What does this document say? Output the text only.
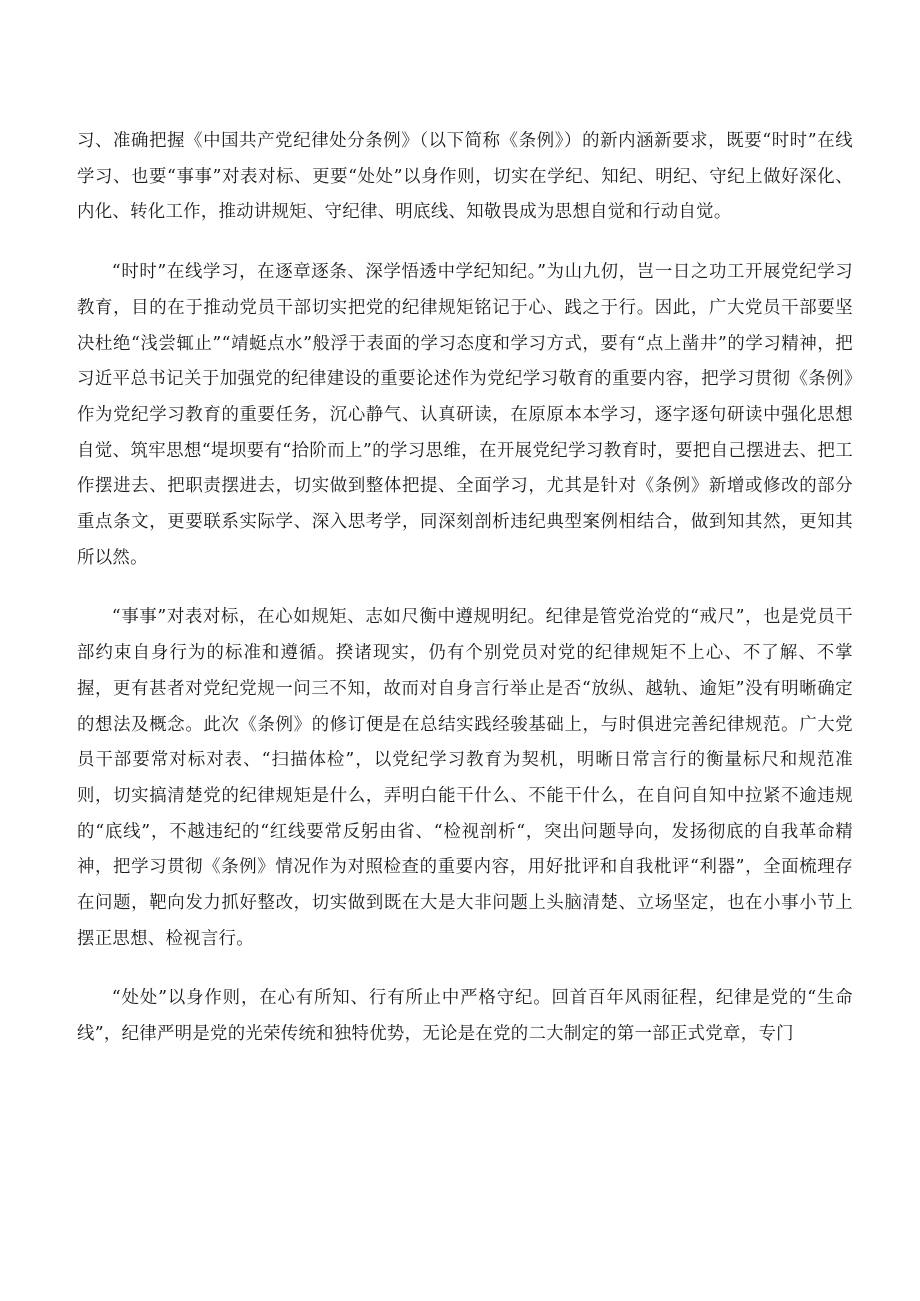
习、准确把握《中国共产党纪律处分条例》（以下简称《条例》）的新内涵新要求，既要“时时”在线学习、也要“事事”对表对标、更要“处处”以身作则，切实在学纪、知纪、明纪、守纪上做好深化、内化、转化工作，推动讲规矩、守纪律、明底线、知敬畏成为思想自觉和行动自觉。

“时时”在线学习，在逐章逐条、深学悟透中学纪知纪。”为山九仞，岂一日之功工开展党纪学习教育，目的在于推动党员干部切实把党的纪律规矩铭记于心、践之于行。因此，广大党员干部要坚决杜绝“浅尝辄止”“靖蜓点水”般浮于表面的学习态度和学习方式，要有“点上凿井”的学习精神，把习近平总书记关于加强党的纪律建设的重要论述作为党纪学习敬育的重要内容，把学习贯彻《条例》作为党纪学习教育的重要任务，沉心静气、认真研读，在原原本本学习，逐字逐句研读中强化思想自觉、筑牢思想“堤坝要有“拾阶而上”的学习思维，在开展党纪学习教育时，要把自己摆进去、把工作摆进去、把职责摆进去，切实做到整体把提、全面学习，尤其是针对《条例》新增或修改的部分重点条文，更要联系实际学、深入思考学，同深刻剖析违纪典型案例相结合，做到知其然，更知其所以然。

“事事”对表对标，在心如规矩、志如尺衡中遵规明纪。纪律是管党治党的“戒尺”，也是党员干部约束自身行为的标准和遵循。揆诸现实，仍有个别党员对党的纪律规矩不上心、不了解、不掌握，更有甚者对党纪党规一问三不知，故而对自身言行举止是否“放纵、越轨、逾矩”没有明晰确定的想法及概念。此次《条例》的修订便是在总结实践经骏基础上，与时俱进完善纪律规范。广大党员干部要常对标对表、“扫描体检”，以党纪学习教育为契机，明晰日常言行的衡量标尺和规范准则，切实搞清楚党的纪律规矩是什么，弄明白能干什么、不能干什么，在自问自知中拉紧不逾违规的“底线”，不越违纪的“红线要常反躬由省、“检视剖析“，突出问题导向，发扬彻底的自我革命精神，把学习贯彻《条例》情况作为对照检查的重要内容，用好批评和自我枇评“利器”，全面梳理存在问题，靶向发力抓好整改，切实做到既在大是大非问题上头脑清楚、立场坚定，也在小事小节上摆正思想、检视言行。

“处处”以身作则，在心有所知、行有所止中严格守纪。回首百年风雨征程，纪律是党的“生命线”，纪律严明是党的光荣传统和独特优势，无论是在党的二大制定的第一部正式党章，专门
